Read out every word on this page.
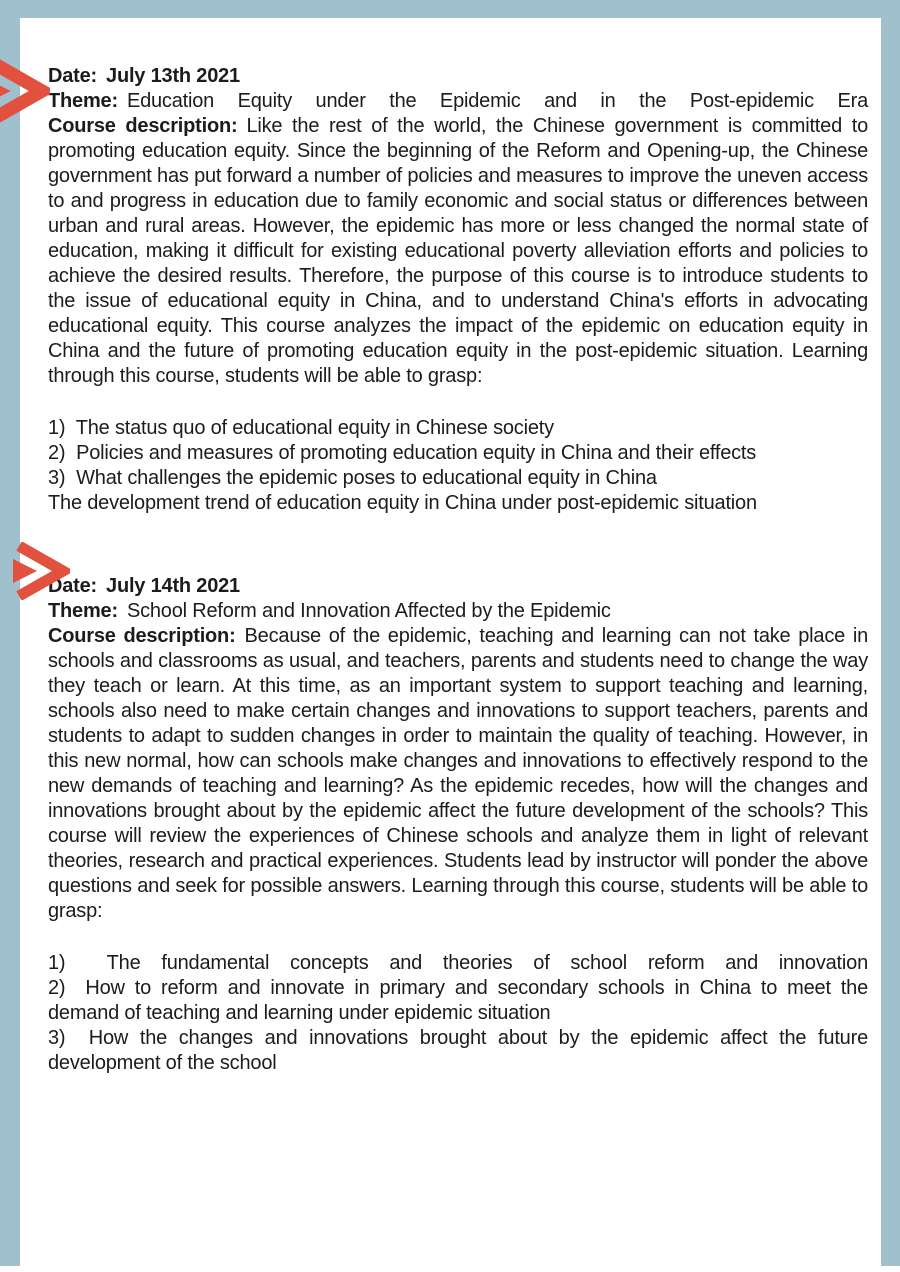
Date: July 13th 2021

Theme: Education Equity under the Epidemic and in the Post-epidemic Era

Course description: Like the rest of the world, the Chinese government is committed to promoting education equity. Since the beginning of the Reform and Opening-up, the Chinese government has put forward a number of policies and measures to improve the uneven access to and progress in education due to family economic and social status or differences between urban and rural areas. However, the epidemic has more or less changed the normal state of education, making it difficult for existing educational poverty alleviation efforts and policies to achieve the desired results. Therefore, the purpose of this course is to introduce students to the issue of educational equity in China, and to understand China's efforts in advocating educational equity. This course analyzes the impact of the epidemic on education equity in China and the future of promoting education equity in the post-epidemic situation. Learning through this course, students will be able to grasp:

1)  The status quo of educational equity in Chinese society

2)  Policies and measures of promoting education equity in China and their effects

3)  What challenges the epidemic poses to educational equity in China

The development trend of education equity in China under post-epidemic situation

Date: July 14th 2021

Theme: School Reform and Innovation Affected by the Epidemic

Course description: Because of the epidemic, teaching and learning can not take place in schools and classrooms as usual, and teachers, parents and students need to change the way they teach or learn. At this time, as an important system to support teaching and learning, schools also need to make certain changes and innovations to support teachers, parents and students to adapt to sudden changes in order to maintain the quality of teaching. However, in this new normal, how can schools make changes and innovations to effectively respond to the new demands of teaching and learning? As the epidemic recedes, how will the changes and innovations brought about by the epidemic affect the future development of the schools? This course will review the experiences of Chinese schools and analyze them in light of relevant theories, research and practical experiences. Students lead by instructor will ponder the above questions and seek for possible answers. Learning through this course, students will be able to grasp:

1)  The fundamental concepts and theories of school reform and innovation

2)  How to reform and innovate in primary and secondary schools in China to meet the demand of teaching and learning under epidemic situation

3)  How the changes and innovations brought about by the epidemic affect the future development of the school
